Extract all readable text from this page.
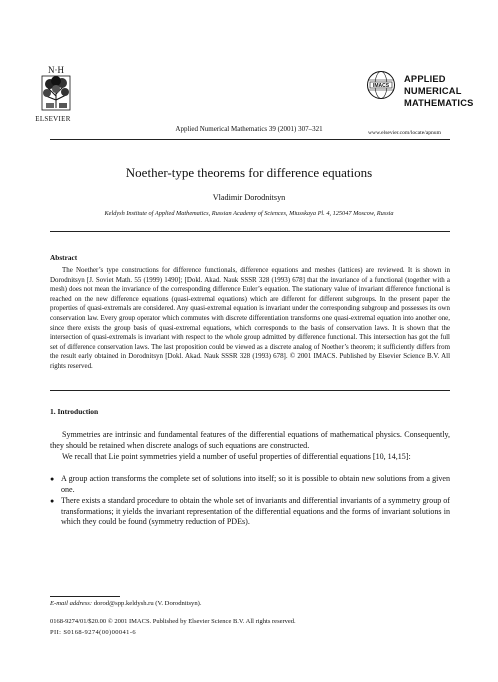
N·H
ELSEVIER
Applied Numerical Mathematics 39 (2001) 307–321
IMACS
APPLIED
NUMERICAL
MATHEMATICS
www.elsevier.com/locate/apnum
Noether-type theorems for difference equations
Vladimir Dorodnitsyn
Keldysh Institute of Applied Mathematics, Russian Academy of Sciences, Miusskaya Pl. 4, 125047 Moscow, Russia
Abstract
The Noether’s type constructions for difference functionals, difference equations and meshes (lattices) are reviewed. It is shown in Dorodnitsyn [J. Soviet Math. 55 (1999) 1490]; [Dokl. Akad. Nauk SSSR 328 (1993) 678] that the invariance of a functional (together with a mesh) does not mean the invariance of the corresponding difference Euler’s equation. The stationary value of invariant difference functional is reached on the new difference equations (quasi-extremal equations) which are different for different subgroups. In the present paper the properties of quasi-extremals are considered. Any quasi-extremal equation is invariant under the corresponding subgroup and possesses its own conservation law. Every group operator which commutes with discrete differentiation transforms one quasi-extremal equation into another one, since there exists the group basis of quasi-extremal equations, which corresponds to the basis of conservation laws. It is shown that the intersection of quasi-extremals is invariant with respect to the whole group admitted by difference functional. This intersection has got the full set of difference conservation laws. The last proposition could be viewed as a discrete analog of Noether’s theorem; it sufficiently differs from the result early obtained in Dorodnitsyn [Dokl. Akad. Nauk SSSR 328 (1993) 678]. © 2001 IMACS. Published by Elsevier Science B.V. All rights reserved.
1. Introduction
Symmetries are intrinsic and fundamental features of the differential equations of mathematical physics. Consequently, they should be retained when discrete analogs of such equations are constructed.
We recall that Lie point symmetries yield a number of useful properties of differential equations [10, 14,15]:
● A group action transforms the complete set of solutions into itself; so it is possible to obtain new solutions from a given one.
● There exists a standard procedure to obtain the whole set of invariants and differential invariants of a symmetry group of transformations; it yields the invariant representation of the differential equations and the forms of invariant solutions in which they could be found (symmetry reduction of PDEs).
E-mail address: dorod@spp.keldysh.ru (V. Dorodnitsyn).
0168-9274/01/$20.00 © 2001 IMACS. Published by Elsevier Science B.V. All rights reserved.
PII: S0168-9274(00)00041-6
